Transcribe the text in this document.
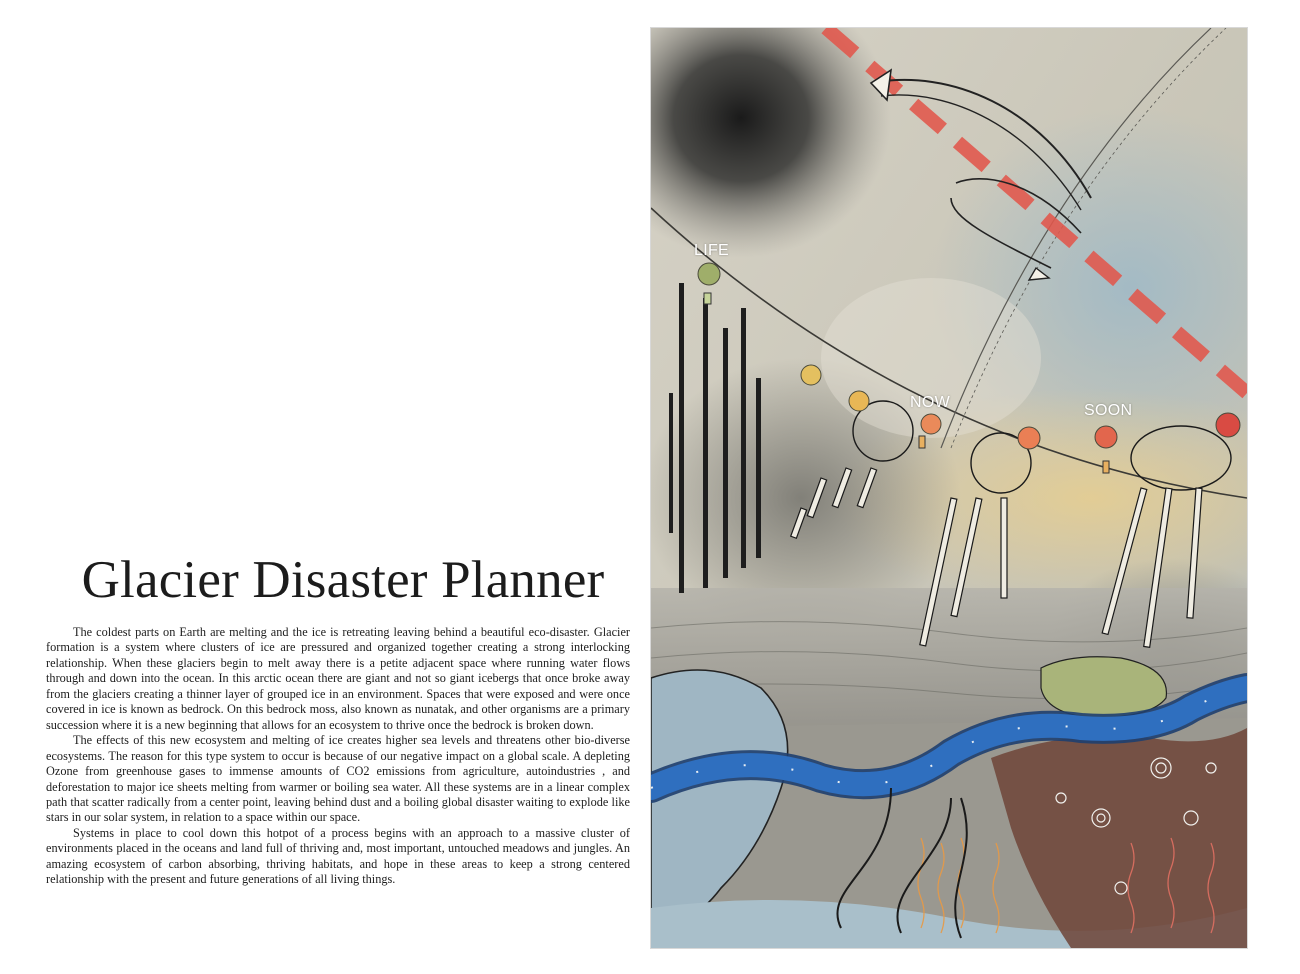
Glacier Disaster Planner

The coldest parts on Earth are melting and the ice is retreating leaving behind a beautiful eco-disaster. Glacier formation is a system where clusters of ice are pressured and organized together creating a strong interlocking relationship. When these glaciers begin to melt away there is a petite adjacent space where running water flows through and down into the ocean. In this arctic ocean there are giant and not so giant icebergs that once broke away from the glaciers creating a thinner layer of grouped ice in an environment. Spaces that were exposed and were once covered in ice is known as bedrock. On this bedrock moss, also known as nunatak, and other organisms are a primary succession where it is a new beginning that allows for an ecosystem to thrive once the bedrock is broken down.

The effects of this new ecosystem and melting of ice creates higher sea levels and threatens other bio-diverse ecosystems. The reason for this type system to occur is because of our negative impact on a global scale. A depleting Ozone from greenhouse gases to immense amounts of CO2 emissions from agriculture, autoindustries , and deforestation to major ice sheets melting from warmer or boiling sea water. All these systems are in a linear complex path that scatter radically from a center point, leaving behind dust and a boiling global disaster waiting to explode like stars in our solar system, in relation to a space within our space.

Systems in place to cool down this hotpot of a process begins with an approach to a massive cluster of environments placed in the oceans and land full of thriving and, most important, untouched meadows and jungles. An amazing ecosystem of carbon absorbing, thriving habitats, and hope in these areas to keep a strong centered relationship with the present and future generations of all living things.

LIFE
NOW	SOON
